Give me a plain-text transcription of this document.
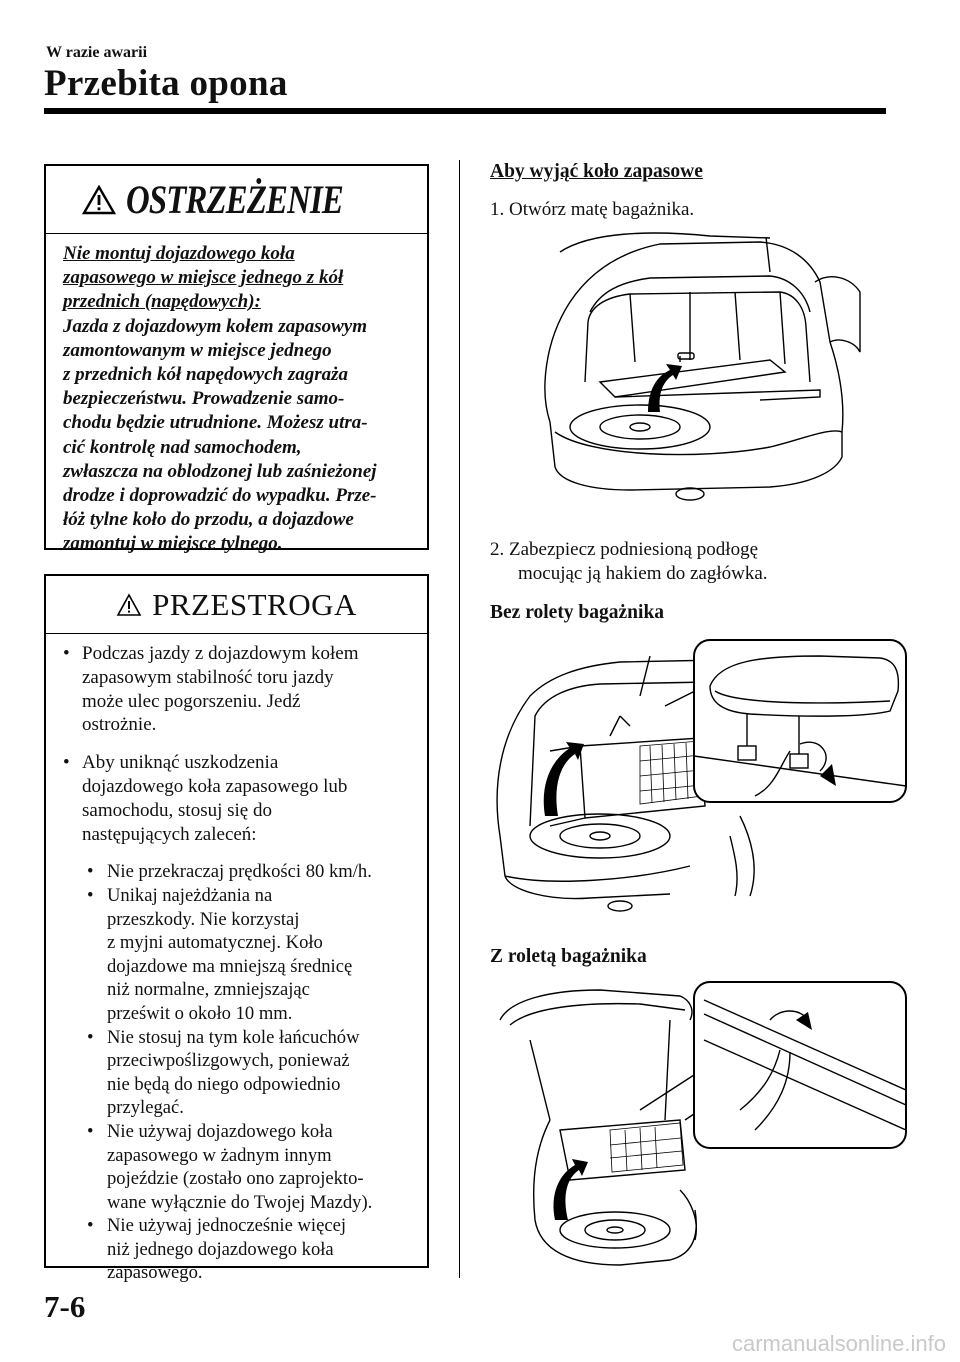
W razie awarii
Przebita opona
OSTRZEŻENIE
Nie montuj dojazdowego koła
zapasowego w miejsce jednego z kół
przednich (napędowych):
Jazda z dojazdowym kołem zapasowym
zamontowanym w miejsce jednego
z przednich kół napędowych zagraża
bezpieczeństwu. Prowadzenie samo-
chodu będzie utrudnione. Możesz utra-
cić kontrolę nad samochodem,
zwłaszcza na oblodzonej lub zaśnieżonej
drodze i doprowadzić do wypadku. Prze-
łóż tylne koło do przodu, a dojazdowe
zamontuj w miejsce tylnego.
PRZESTROGA
• Podczas jazdy z dojazdowym kołem
zapasowym stabilność toru jazdy
może ulec pogorszeniu. Jedź
ostrożnie.
• Aby uniknąć uszkodzenia
dojazdowego koła zapasowego lub
samochodu, stosuj się do
następujących zaleceń:
• Nie przekraczaj prędkości 80 km/h.
• Unikaj najeżdżania na
przeszkody. Nie korzystaj
z myjni automatycznej. Koło
dojazdowe ma mniejszą średnicę
niż normalne, zmniejszając
prześwit o około 10 mm.
• Nie stosuj na tym kole łańcuchów
przeciwpoślizgowych, ponieważ
nie będą do niego odpowiednio
przylegać.
• Nie używaj dojazdowego koła
zapasowego w żadnym innym
pojeździe (zostało ono zaprojekto-
wane wyłącznie do Twojej Mazdy).
• Nie używaj jednocześnie więcej
niż jednego dojazdowego koła
zapasowego.
Aby wyjąć koło zapasowe
1. Otwórz matę bagażnika.
2. Zabezpiecz podniesioną podłogę
mocując ją hakiem do zagłówka.
Bez rolety bagażnika
Z roletą bagażnika
7-6
carmanualsonline.info
